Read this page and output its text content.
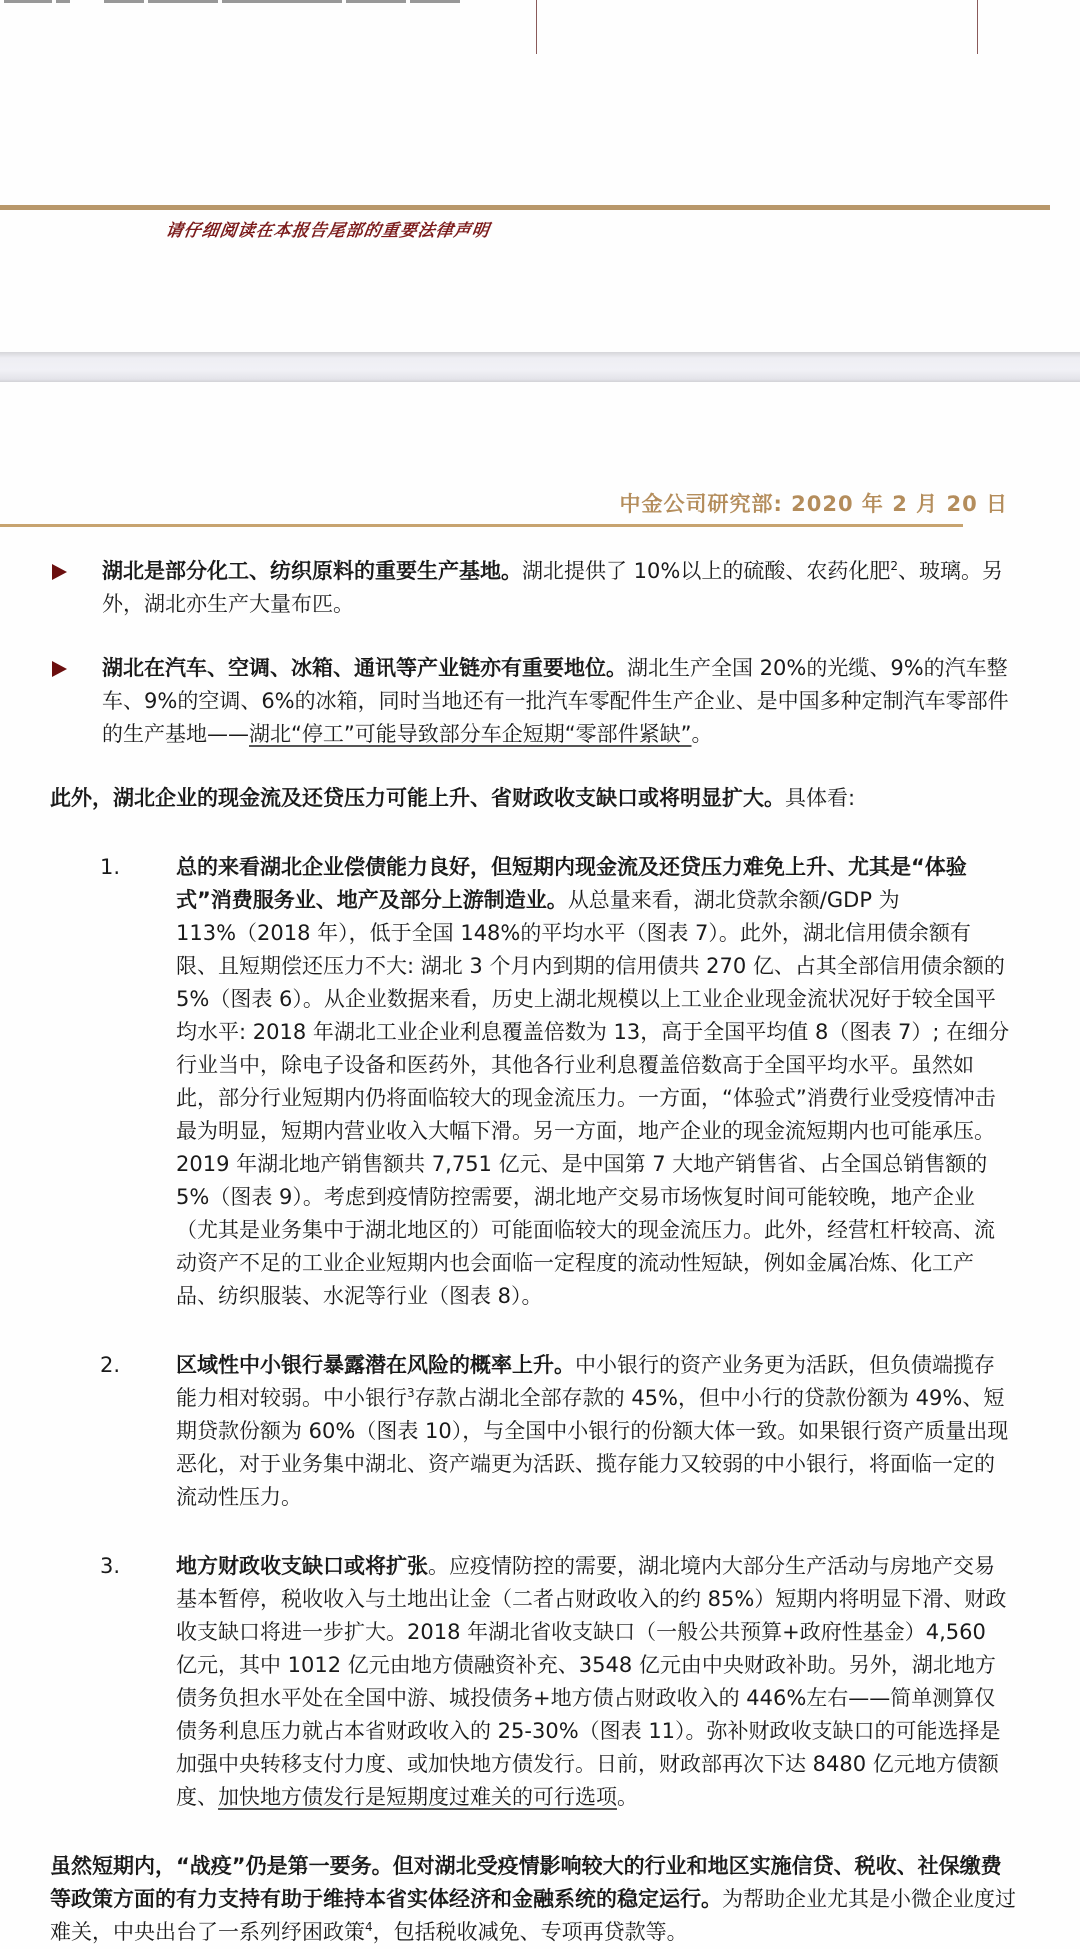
请仔细阅读在本报告尾部的重要法律声明
中金公司研究部: 2020 年 2 月 20 日
湖北是部分化工、纺织原料的重要生产基地。湖北提供了 10%以上的硫酸、农药化肥$^2$、玻璃。另外，湖北亦生产大量布匹。
湖北在汽车、空调、冰箱、通讯等产业链亦有重要地位。湖北生产全国 20%的光缆、9%的汽车整车、9%的空调、6%的冰箱，同时当地还有一批汽车零配件生产企业、是中国多种定制汽车零部件的生产基地——湖北“停工”可能导致部分车企短期“零部件紧缺”。
此外，湖北企业的现金流及还贷压力可能上升、省财政收支缺口或将明显扩大。具体看:
1.	总的来看湖北企业偿债能力良好，但短期内现金流及还贷压力难免上升、尤其是“体验式”消费服务业、地产及部分上游制造业。从总量来看，湖北贷款余额/GDP 为 113%（2018 年），低于全国 148%的平均水平（图表 7）。此外，湖北信用债余额有限、且短期偿还压力不大: 湖北 3 个月内到期的信用债共 270 亿、占其全部信用债余额的 5%（图表 6）。从企业数据来看，历史上湖北规模以上工业企业现金流状况好于较全国平均水平: 2018 年湖北工业企业利息覆盖倍数为 13，高于全国平均值 8（图表 7）; 在细分行业当中，除电子设备和医药外，其他各行业利息覆盖倍数高于全国平均水平。虽然如此，部分行业短期内仍将面临较大的现金流压力。一方面，“体验式”消费行业受疫情冲击最为明显，短期内营业收入大幅下滑。另一方面，地产企业的现金流短期内也可能承压。2019 年湖北地产销售额共 7,751 亿元、是中国第 7 大地产销售省、占全国总销售额的 5%（图表 9）。考虑到疫情防控需要，湖北地产交易市场恢复时间可能较晚，地产企业（尤其是业务集中于湖北地区的）可能面临较大的现金流压力。此外，经营杠杆较高、流动资产不足的工业企业短期内也会面临一定程度的流动性短缺，例如金属冶炼、化工产品、纺织服装、水泥等行业（图表 8）。
2.	区域性中小银行暴露潜在风险的概率上升。中小银行的资产业务更为活跃，但负债端揽存能力相对较弱。中小银行$^3$存款占湖北全部存款的 45%，但中小行的贷款份额为 49%、短期贷款份额为 60%（图表 10），与全国中小银行的份额大体一致。如果银行资产质量出现恶化，对于业务集中湖北、资产端更为活跃、揽存能力又较弱的中小银行，将面临一定的流动性压力。
3.	地方财政收支缺口或将扩张。应疫情防控的需要，湖北境内大部分生产活动与房地产交易基本暂停，税收收入与土地出让金（二者占财政收入的约 85%）短期内将明显下滑、财政收支缺口将进一步扩大。2018 年湖北省收支缺口（一般公共预算+政府性基金）4,560 亿元，其中 1012 亿元由地方债融资补充、3548 亿元由中央财政补助。另外，湖北地方债务负担水平处在全国中游、城投债务+地方债占财政收入的 446%左右——简单测算仅债务利息压力就占本省财政收入的 25-30%（图表 11）。弥补财政收支缺口的可能选择是加强中央转移支付力度、或加快地方债发行。日前，财政部再次下达 8480 亿元地方债额度、加快地方债发行是短期度过难关的可行选项。
虽然短期内，“战疫”仍是第一要务。但对湖北受疫情影响较大的行业和地区实施信贷、税收、社保缴费等政策方面的有力支持有助于维持本省实体经济和金融系统的稳定运行。为帮助企业尤其是小微企业度过难关，中央出台了一系列纾困政策$^4$，包括税收减免、专项再贷款等。
